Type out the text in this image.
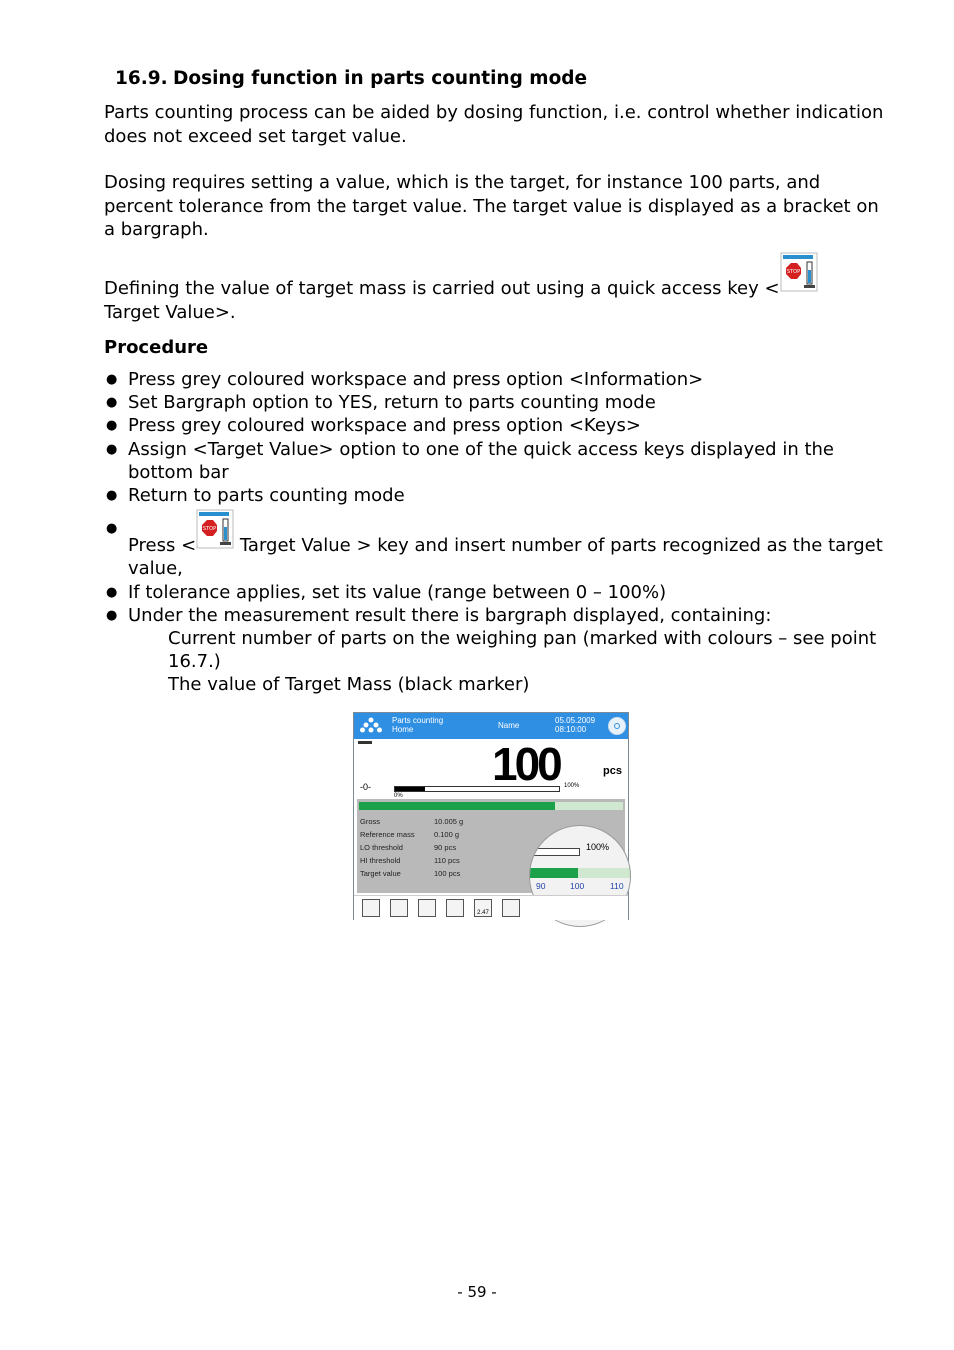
16.9. Dosing function in parts counting mode
Parts counting process can be aided by dosing function, i.e. control whether indication does not exceed set target value.
Dosing requires setting a value, which is the target, for instance 100 parts, and percent tolerance from the target value. The target value is displayed as a bracket on a bargraph.
Defining the value of target mass is carried out using a quick access key <
STOP

Target Value>.
Procedure
● Press grey coloured workspace and press option <Information>
● Set Bargraph option to YES, return to parts counting mode
● Press grey coloured workspace and press option <Keys>
● Assign <Target Value> option to one of the quick access keys displayed in the bottom bar
● Return to parts counting mode
●
Press <
STOP
Target Value > key and insert number of parts recognized as the target value,
● If tolerance applies, set its value (range between 0 – 100%)
● Under the measurement result there is bargraph displayed, containing:
Current number of parts on the weighing pan (marked with colours – see point 16.7.)
The value of Target Mass (black marker)
Parts counting
Home	Name
05.05.2009
08:10:00
100	pcs
-0-
0%
100%
Gross	10.005 g
Reference mass	0.100 g
LO threshold	90 pcs
HI threshold	110 pcs
Target value	100 pcs
100%
90	100	110
2.47
- 59 -
